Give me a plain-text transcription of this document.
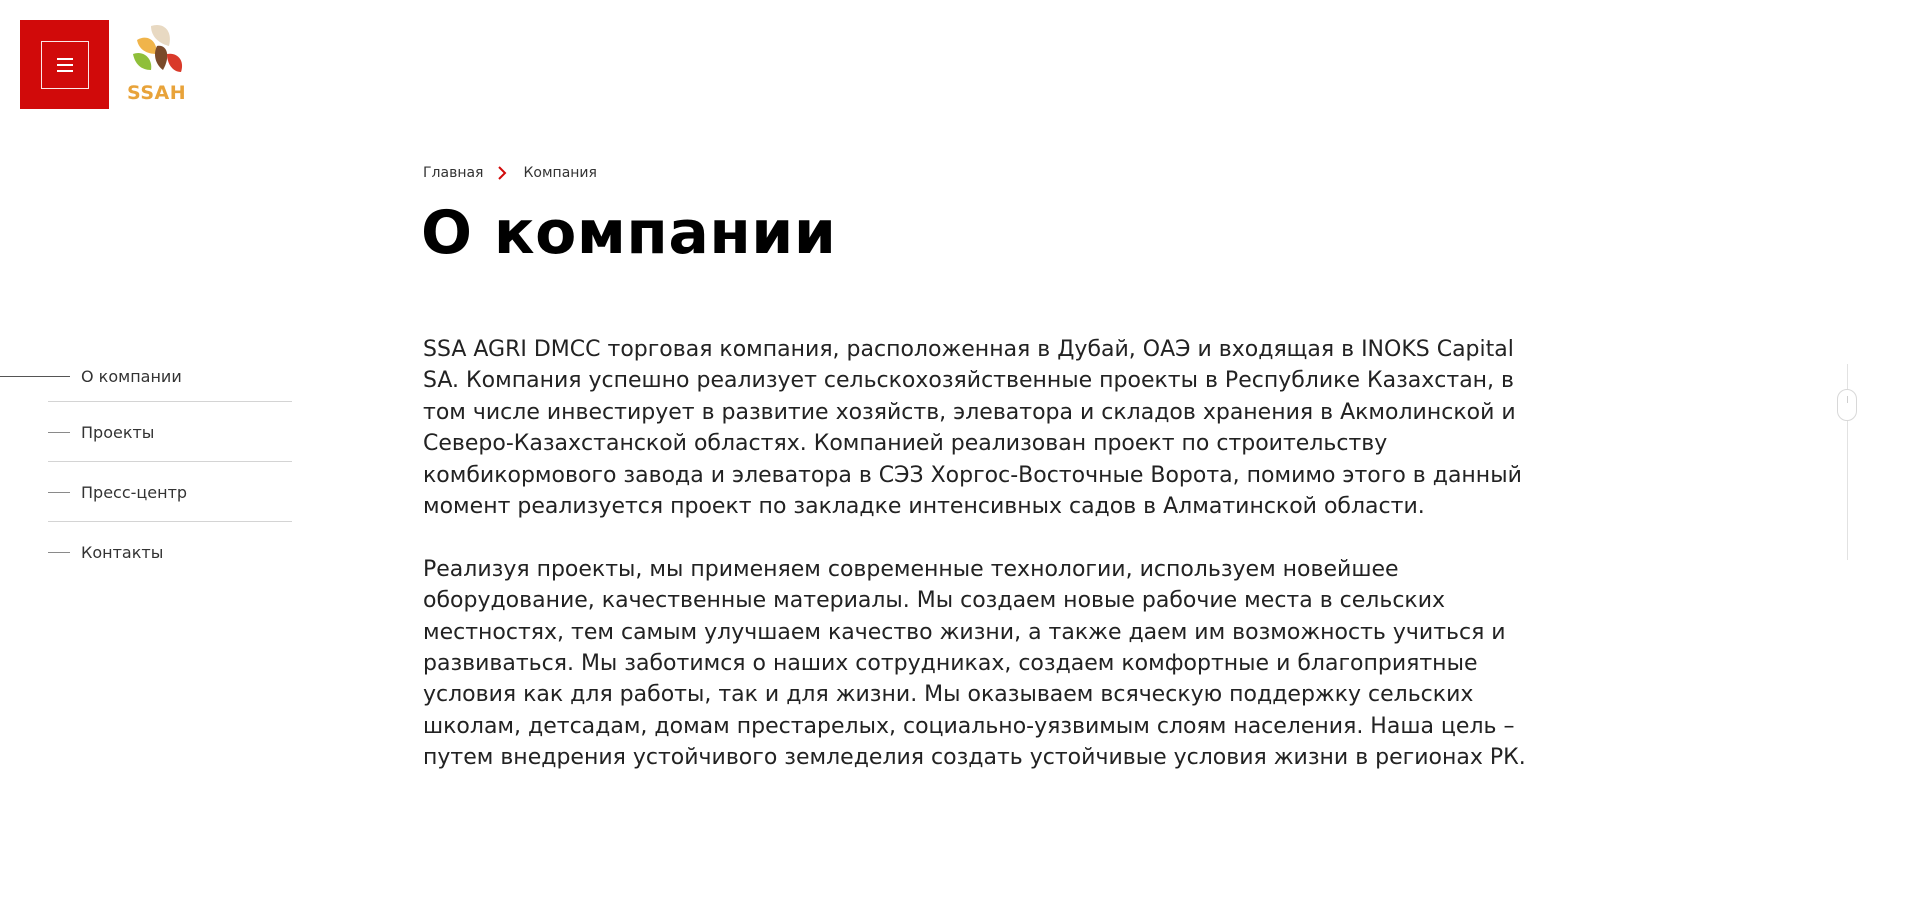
SSAH
Главная	Компания
О компании
О компании
Проекты
Пресс-центр
Контакты

SSA AGRI DMCC торговая компания, расположенная в Дубай, ОАЭ и входящая в INOKS Capital SA. Компания успешно реализует сельскохозяйственные проекты в Республике Казахстан, в том числе инвестирует в развитие хозяйств, элеватора и складов хранения в Акмолинской и Северо-Казахстанской областях. Компанией реализован проект по строительству комбикормового завода и элеватора в СЭЗ Хоргос-Восточные Ворота, помимо этого в данный момент реализуется проект по закладке интенсивных садов в Алматинской области.

Реализуя проекты, мы применяем современные технологии, используем новейшее оборудование, качественные материалы. Мы создаем новые рабочие места в сельских местностях, тем самым улучшаем качество жизни, а также даем им возможность учиться и развиваться. Мы заботимся о наших сотрудниках, создаем комфортные и благоприятные условия как для работы, так и для жизни. Мы оказываем всяческую поддержку сельских школам, детсадам, домам престарелых, социально-уязвимым слоям населения. Наша цель – путем внедрения устойчивого земледелия создать устойчивые условия жизни в регионах РК.
